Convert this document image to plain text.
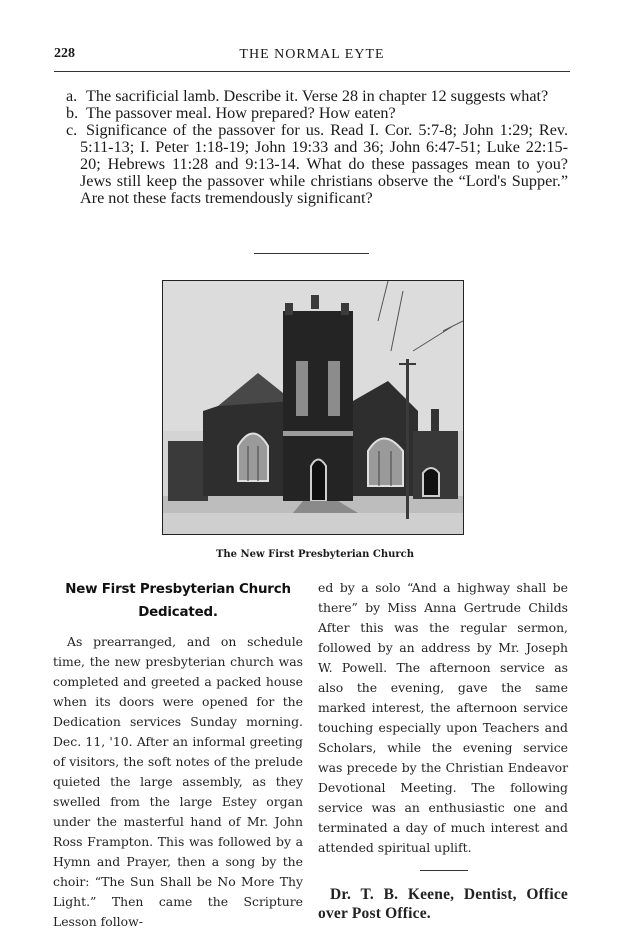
228	THE NORMAL EYTE
a. The sacrificial lamb. Describe it. Verse 28 in chapter 12 suggests what?
b. The passover meal. How prepared? How eaten?
c. Significance of the passover for us. Read I. Cor. 5:7-8; John 1:29; Rev. 5:11-13; I. Peter 1:18-19; John 19:33 and 36; John 6:47-51; Luke 22:15-20; Hebrews 11:28 and 9:13-14. What do these passages mean to you? Jews still keep the passover while christians observe the “Lord's Supper.” Are not these facts tremendously significant?
The New First Presbyterian Church
New First Presbyterian Church Dedicated.

As prearranged, and on schedule time, the new presbyterian church was completed and greeted a packed house when its doors were opened for the Dedication services Sunday morning. Dec. 11, '10. After an informal greeting of visitors, the soft notes of the prelude quieted the large assembly, as they swelled from the large Estey organ under the masterful hand of Mr. John Ross Frampton. This was followed by a Hymn and Prayer, then a song by the choir: “The Sun Shall be No More Thy Light.” Then came the Scripture Lesson follow-

ed by a solo “And a highway shall be there” by Miss Anna Gertrude Childs After this was the regular sermon, followed by an address by Mr. Joseph W. Powell. The afternoon service as also the evening, gave the same marked interest, the afternoon service touching especially upon Teachers and Scholars, while the evening service was precede by the Christian Endeavor Devotional Meeting. The following service was an enthusiastic one and terminated a day of much interest and attended spiritual uplift.

Dr. T. B. Keene, Dentist, Office over Post Office.
